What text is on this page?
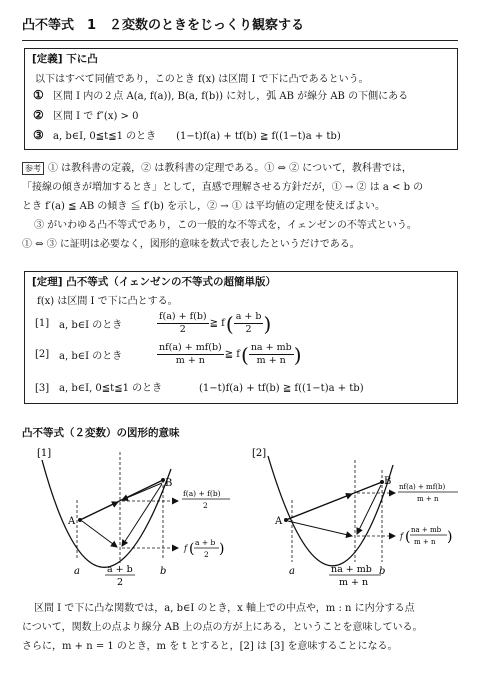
凸不等式　1　２変数のときをじっくり観察する
[定義] 下に凸
以下はすべて同値であり，このとき f(x) は区間 I で下に凸であるという。
① 区間 I 内の２点 A(a, f(a)), B(a, f(b)) に対し，弧 AB が線分 AB の下側にある
② 区間 I で f″(x) > 0
③ a, b∈I, 0≦t≦1 のとき　　(1−t)f(a) + tf(b) ≧ f((1−t)a + tb)
参考 ① は教科書の定義，② は教科書の定理である。① ⇔ ② について，教科書では，
「接線の傾きが増加するとき」として，直感で理解させる方針だが，① → ② は a < b の
とき f′(a) ≦ AB の傾き ≦ f′(b) を示し，② → ① は平均値の定理を使えばよい。
③ がいわゆる凸不等式であり，この一般的な不等式を，イェンゼンの不等式という。
① ⇔ ③ に証明は必要なく，図形的意味を数式で表したというだけである。
[定理] 凸不等式（イェンゼンの不等式の超簡単版）
f(x) は区間 I で下に凸とする。
[1] a, b∈I のとき	$\frac{f(a) + f(b)}{2}$ ≧ f ( $\frac{a + b}{2}$ )
[2] a, b∈I のとき	$\frac{nf(a) + mf(b)}{m + n}$ ≧ f ( $\frac{na + mb}{m + n}$ )
[3] a, b∈I, 0≦t≦1 のとき	(1−t)f(a) + tf(b) ≧ f((1−t)a + tb)
凸不等式（２変数）の図形的意味
[1]
A
B
f(a) + f(b)
2
f ( a + b
2 )
a	b
a + b
2
[2]
A
B nf(a) + mf(b)
m + n
f ( na + mb
m + n )
a	b
na + mb
m + n
区間 I で下に凸な関数では，a, b∈I のとき，x 軸上での中点や，m : n に内分する点
について，関数上の点より線分 AB 上の点の方が上にある，ということを意味している。
さらに，m + n = 1 のとき，m を t とすると，[2] は [3] を意味することになる。
